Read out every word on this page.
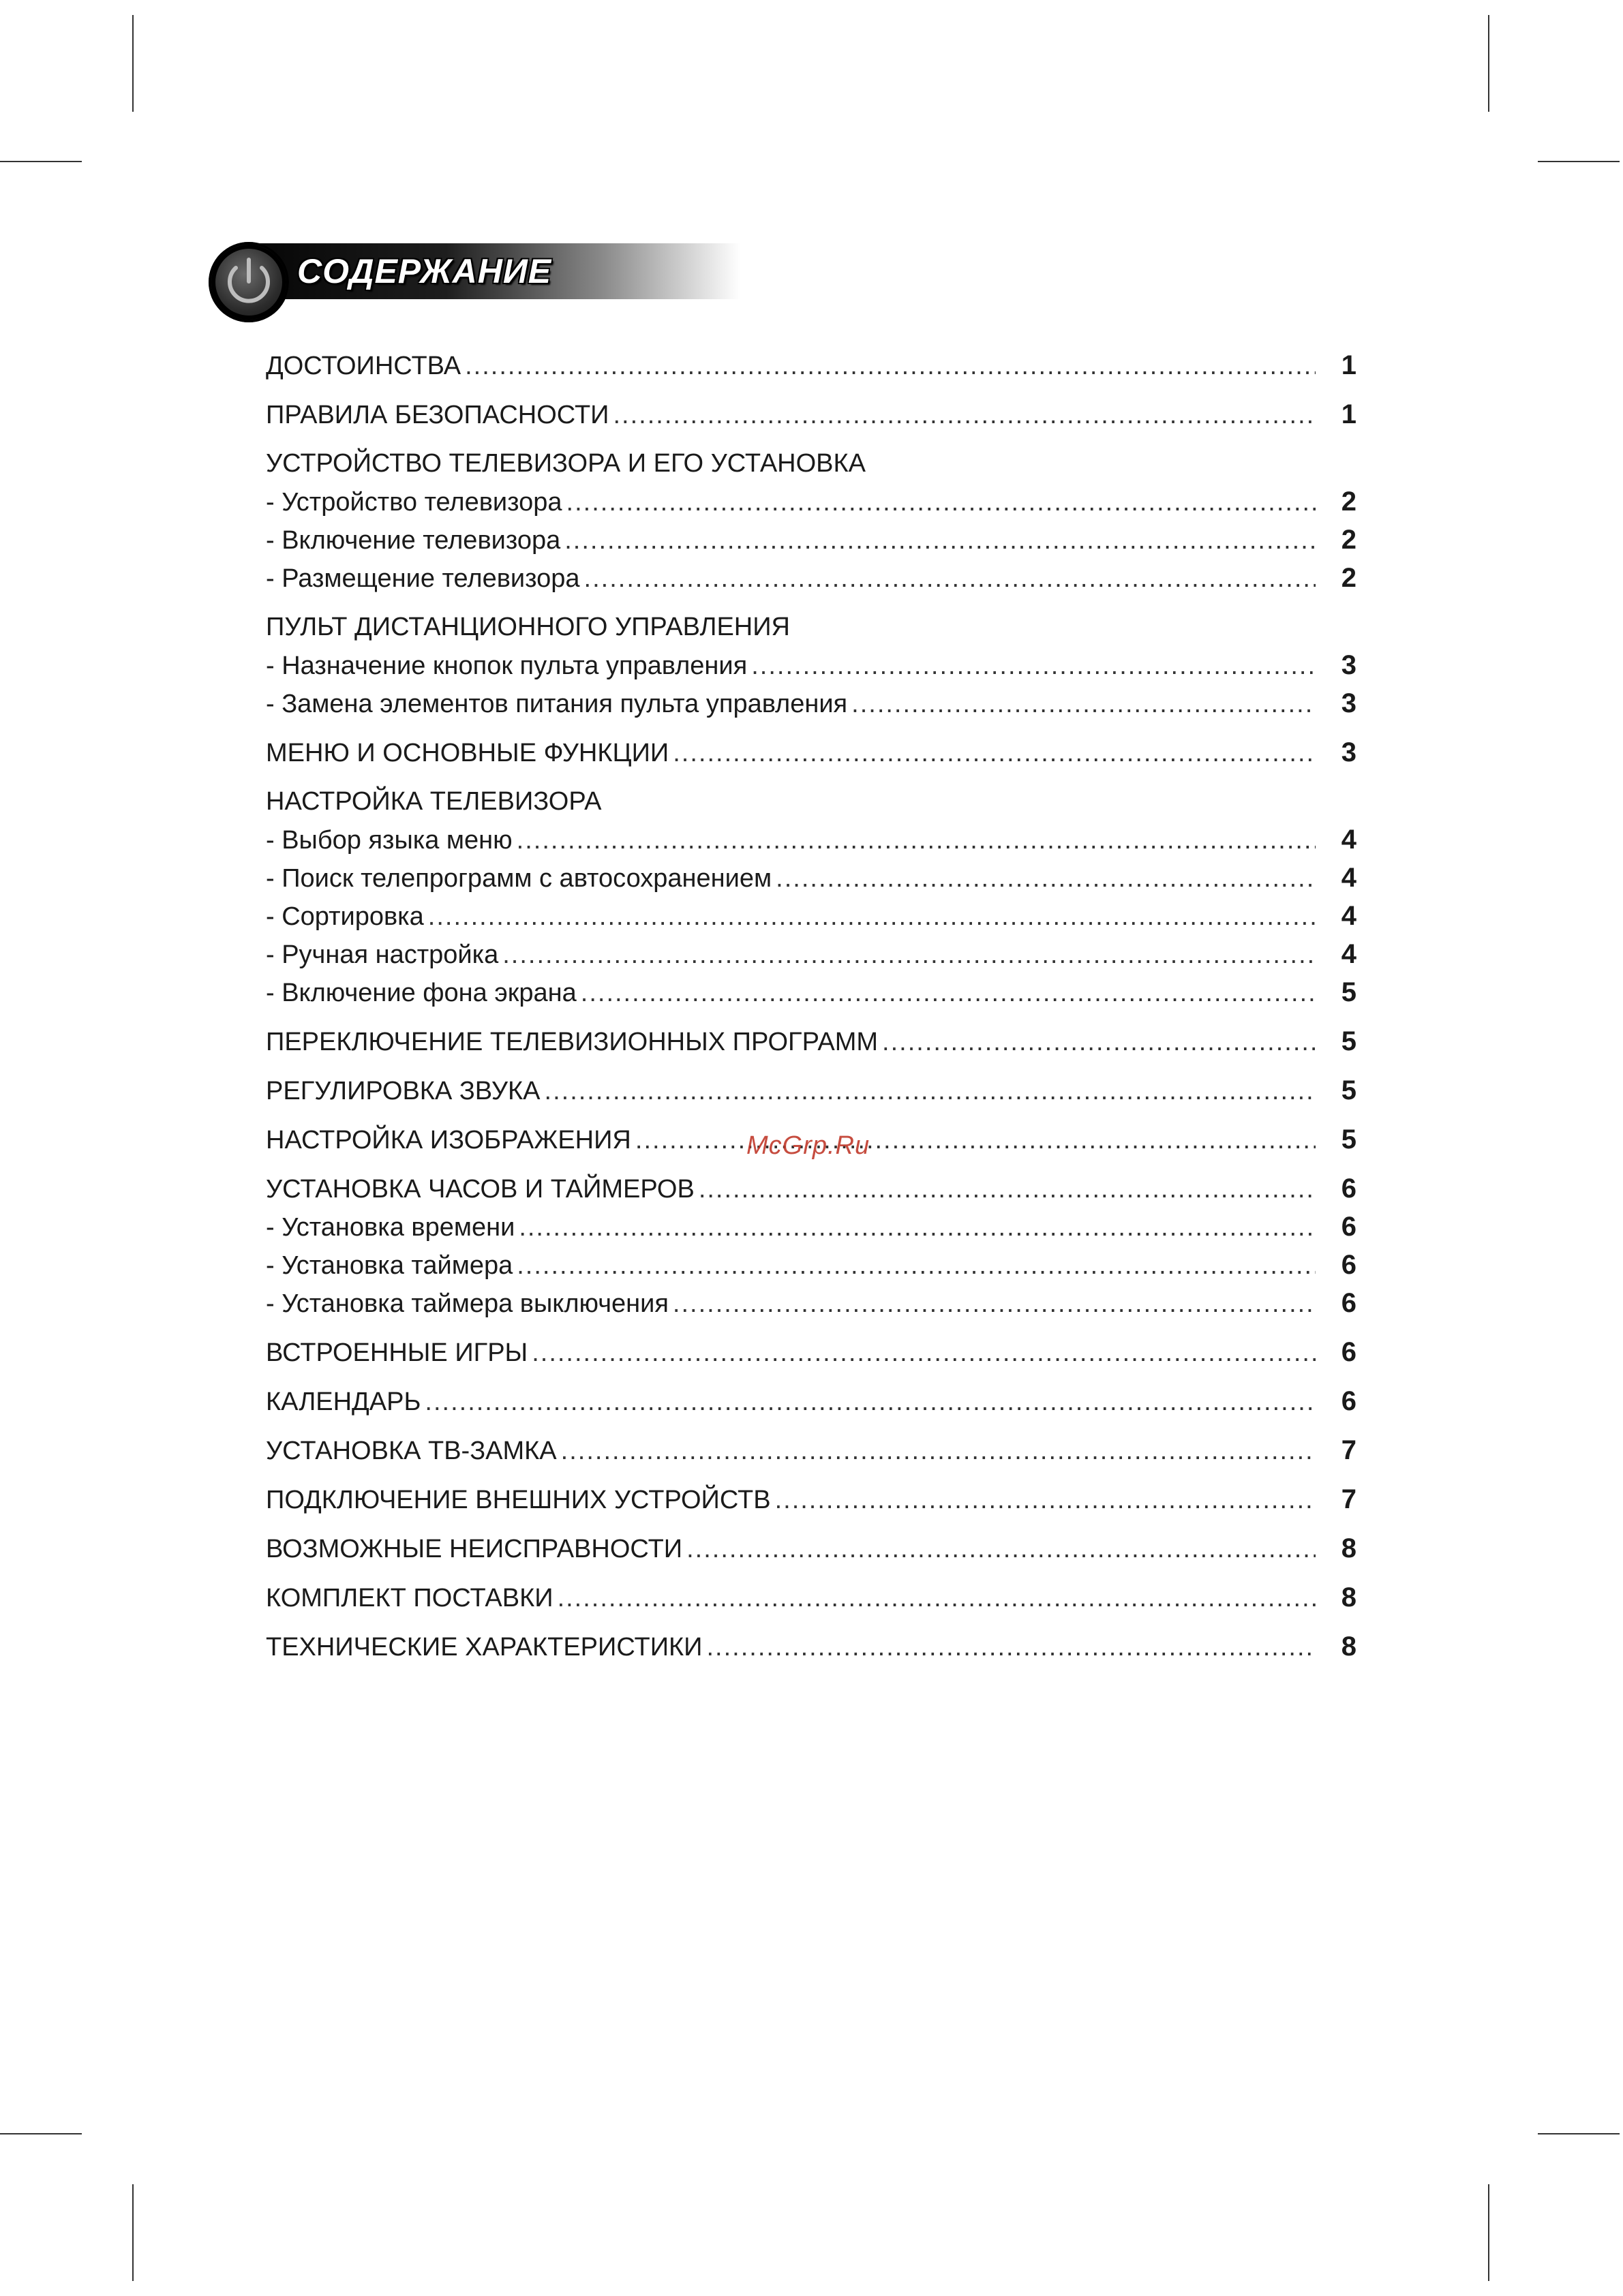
СОДЕРЖАНИЕ
ДОСТОИНСТВА .....	1
ПРАВИЛА БЕЗОПАСНОСТИ .....	1
УСТРОЙСТВО ТЕЛЕВИЗОРА И ЕГО УСТАНОВКА
- Устройство телевизора .....	2
- Включение телевизора .....	2
- Размещение телевизора .....	2
ПУЛЬТ ДИСТАНЦИОННОГО УПРАВЛЕНИЯ
- Назначение кнопок пульта управления .....	3
- Замена элементов питания пульта управления .....	3
МЕНЮ И ОСНОВНЫЕ ФУНКЦИИ .....	3
НАСТРОЙКА ТЕЛЕВИЗОРА
- Выбор языка меню .....	4
- Поиск телепрограмм с автосохранением .....	4
- Сортировка .....	4
- Ручная настройка .....	4
- Включение фона экрана .....	5
ПЕРЕКЛЮЧЕНИЕ ТЕЛЕВИЗИОННЫХ ПРОГРАММ .....	5
РЕГУЛИРОВКА ЗВУКА .....	5
НАСТРОЙКА ИЗОБРАЖЕНИЯ .....	5
УСТАНОВКА ЧАСОВ И ТАЙМЕРОВ .....	6
- Установка времени .....	6
- Установка таймера .....	6
- Установка таймера выключения .....	6
ВСТРОЕННЫЕ ИГРЫ .....	6
КАЛЕНДАРЬ .....	6
УСТАНОВКА ТВ-ЗАМКА .....	7
ПОДКЛЮЧЕНИЕ ВНЕШНИХ УСТРОЙСТВ .....	7
ВОЗМОЖНЫЕ НЕИСПРАВНОСТИ .....	8
КОМПЛЕКТ ПОСТАВКИ .....	8
ТЕХНИЧЕСКИЕ ХАРАКТЕРИСТИКИ .....	8
McGrp.Ru
